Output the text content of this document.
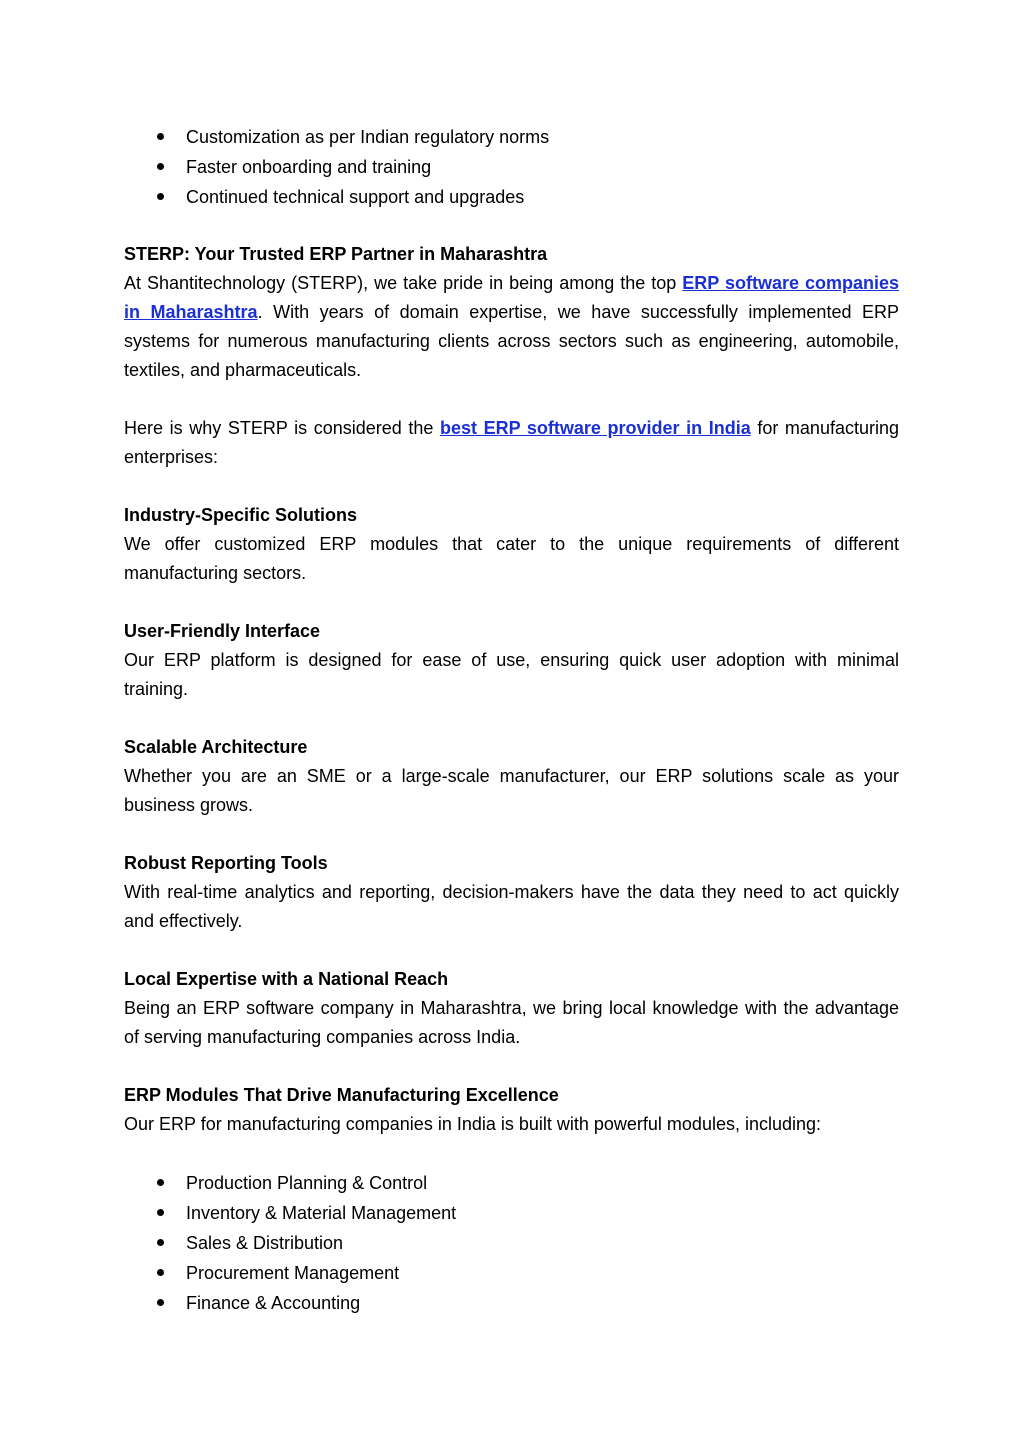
Customization as per Indian regulatory norms
Faster onboarding and training
Continued technical support and upgrades
STERP: Your Trusted ERP Partner in Maharashtra
At Shantitechnology (STERP), we take pride in being among the top ERP software companies in Maharashtra. With years of domain expertise, we have successfully implemented ERP systems for numerous manufacturing clients across sectors such as engineering, automobile, textiles, and pharmaceuticals.
Here is why STERP is considered the best ERP software provider in India for manufacturing enterprises:
Industry-Specific Solutions
We offer customized ERP modules that cater to the unique requirements of different manufacturing sectors.
User-Friendly Interface
Our ERP platform is designed for ease of use, ensuring quick user adoption with minimal training.
Scalable Architecture
Whether you are an SME or a large-scale manufacturer, our ERP solutions scale as your business grows.
Robust Reporting Tools
With real-time analytics and reporting, decision-makers have the data they need to act quickly and effectively.
Local Expertise with a National Reach
Being an ERP software company in Maharashtra, we bring local knowledge with the advantage of serving manufacturing companies across India.
ERP Modules That Drive Manufacturing Excellence
Our ERP for manufacturing companies in India is built with powerful modules, including:
Production Planning & Control
Inventory & Material Management
Sales & Distribution
Procurement Management
Finance & Accounting
